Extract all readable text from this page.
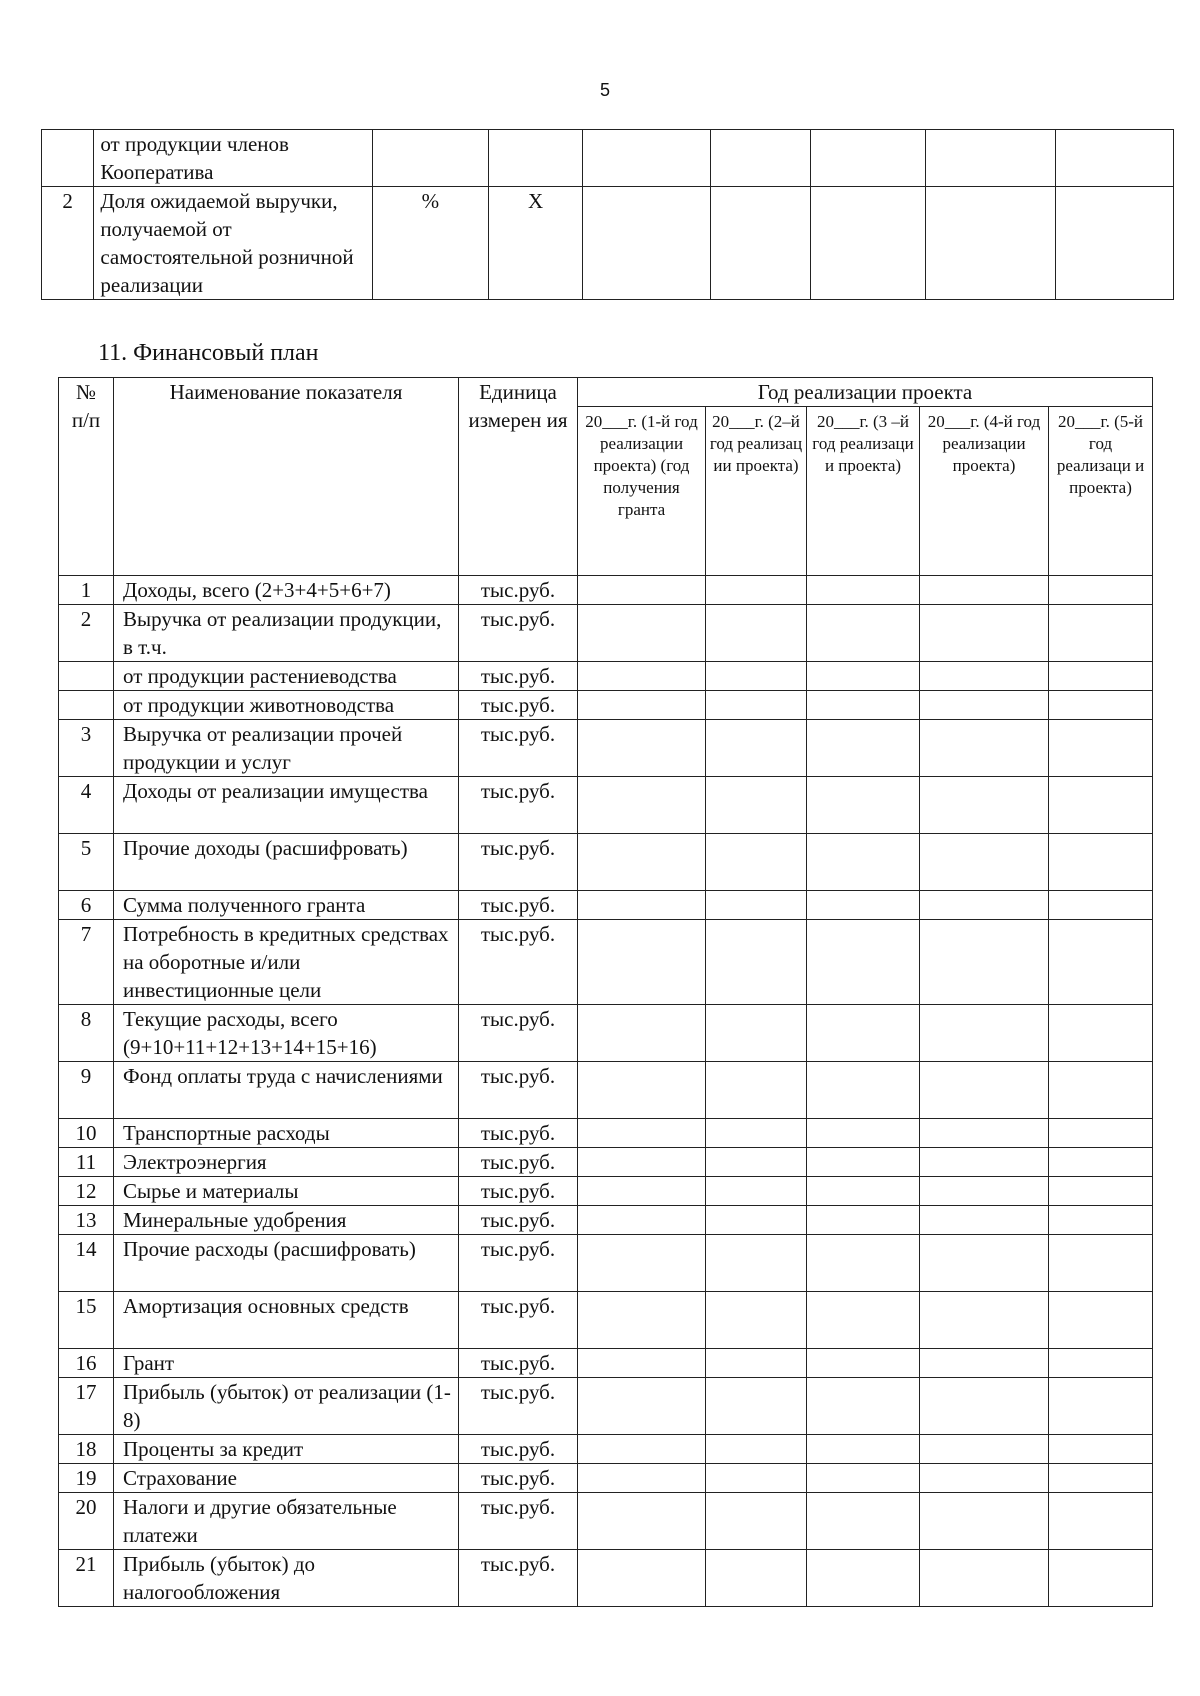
5
	от продукции членов Кооператива							
2	Доля ожидаемой выручки, получаемой от самостоятельной розничной реализации	%	X					
11. Финансовый план
№ п/п	Наименование показателя	Единица измерен ия	Год реализации проекта				
			20___г. (1-й год реализации проекта) (год получения гранта	20___г. (2–й год реализац ии проекта)	20___г. (3 –й год реализаци и проекта)	20___г. (4-й год реализации проекта)	20___г. (5-й год реализаци и проекта)
1	Доходы, всего (2+3+4+5+6+7)	тыс.руб.					
2	Выручка от реализации продукции, в т.ч.	тыс.руб.					
	от продукции растениеводства	тыс.руб.					
	от продукции животноводства	тыс.руб.					
3	Выручка от реализации прочей продукции и услуг	тыс.руб.					
4	Доходы от реализации имущества	тыс.руб.					
5	Прочие доходы (расшифровать)	тыс.руб.					
6	Сумма полученного гранта	тыс.руб.					
7	Потребность в кредитных средствах на оборотные и/или инвестиционные цели	тыс.руб.					
8	Текущие расходы, всего (9+10+11+12+13+14+15+16)	тыс.руб.					
9	Фонд оплаты труда с начислениями	тыс.руб.					
10	Транспортные расходы	тыс.руб.					
11	Электроэнергия	тыс.руб.					
12	Сырье и материалы	тыс.руб.					
13	Минеральные удобрения	тыс.руб.					
14	Прочие расходы (расшифровать)	тыс.руб.					
15	Амортизация основных средств	тыс.руб.					
16	Грант	тыс.руб.					
17	Прибыль (убыток) от реализации (1-8)	тыс.руб.					
18	Проценты за кредит	тыс.руб.					
19	Страхование	тыс.руб.					
20	Налоги и другие обязательные платежи	тыс.руб.					
21	Прибыль (убыток) до налогообложения	тыс.руб.					
